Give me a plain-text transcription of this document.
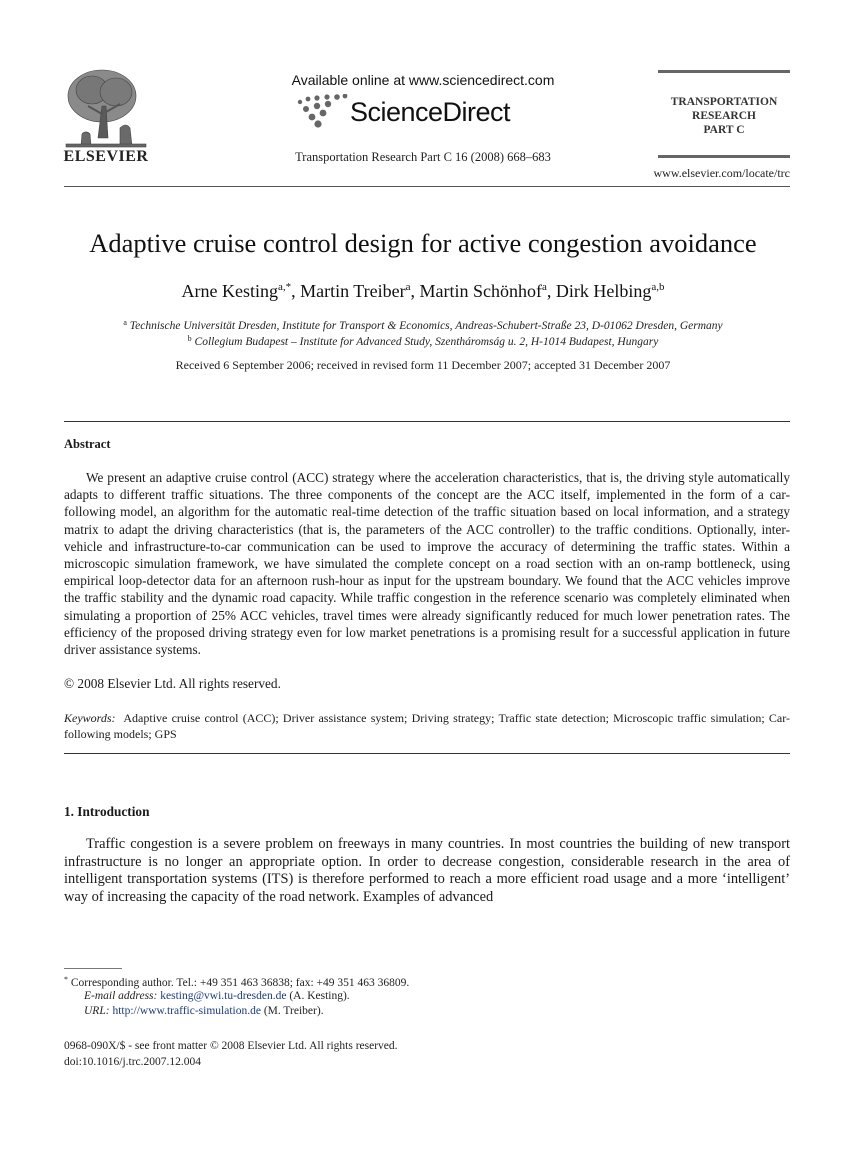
ELSEVIER
Available online at www.sciencedirect.com
ScienceDirect
Transportation Research Part C 16 (2008) 668–683
TRANSPORTATION
RESEARCH
PART C
www.elsevier.com/locate/trc
Adaptive cruise control design for active congestion avoidance
Arne Kesting$^{a,*}$, Martin Treiber$^a$, Martin Schönhof$^a$, Dirk Helbing$^{a,b}$
$^a$ Technische Universität Dresden, Institute for Transport & Economics, Andreas-Schubert-Straße 23, D-01062 Dresden, Germany
$^b$ Collegium Budapest – Institute for Advanced Study, Szentháromság u. 2, H-1014 Budapest, Hungary
Received 6 September 2006; received in revised form 11 December 2007; accepted 31 December 2007
Abstract

We present an adaptive cruise control (ACC) strategy where the acceleration characteristics, that is, the driving style automatically adapts to different traffic situations. The three components of the concept are the ACC itself, implemented in the form of a car-following model, an algorithm for the automatic real-time detection of the traffic situation based on local information, and a strategy matrix to adapt the driving characteristics (that is, the parameters of the ACC controller) to the traffic conditions. Optionally, inter-vehicle and infrastructure-to-car communication can be used to improve the accuracy of determining the traffic states. Within a microscopic simulation framework, we have simulated the complete concept on a road section with an on-ramp bottleneck, using empirical loop-detector data for an afternoon rush-hour as input for the upstream boundary. We found that the ACC vehicles improve the traffic stability and the dynamic road capacity. While traffic congestion in the reference scenario was completely eliminated when simulating a proportion of 25% ACC vehicles, travel times were already significantly reduced for much lower penetration rates. The efficiency of the proposed driving strategy even for low market penetrations is a promising result for a successful application in future driver assistance systems.

© 2008 Elsevier Ltd. All rights reserved.
Keywords: Adaptive cruise control (ACC); Driver assistance system; Driving strategy; Traffic state detection; Microscopic traffic simulation; Car-following models; GPS
1. Introduction

Traffic congestion is a severe problem on freeways in many countries. In most countries the building of new transport infrastructure is no longer an appropriate option. In order to decrease congestion, considerable research in the area of intelligent transportation systems (ITS) is therefore performed to reach a more efficient road usage and a more ‘intelligent’ way of increasing the capacity of the road network. Examples of advanced

* Corresponding author. Tel.: +49 351 463 36838; fax: +49 351 463 36809.
E-mail address: kesting@vwi.tu-dresden.de (A. Kesting).
URL: http://www.traffic-simulation.de (M. Treiber).
0968-090X/$ - see front matter © 2008 Elsevier Ltd. All rights reserved.
doi:10.1016/j.trc.2007.12.004
